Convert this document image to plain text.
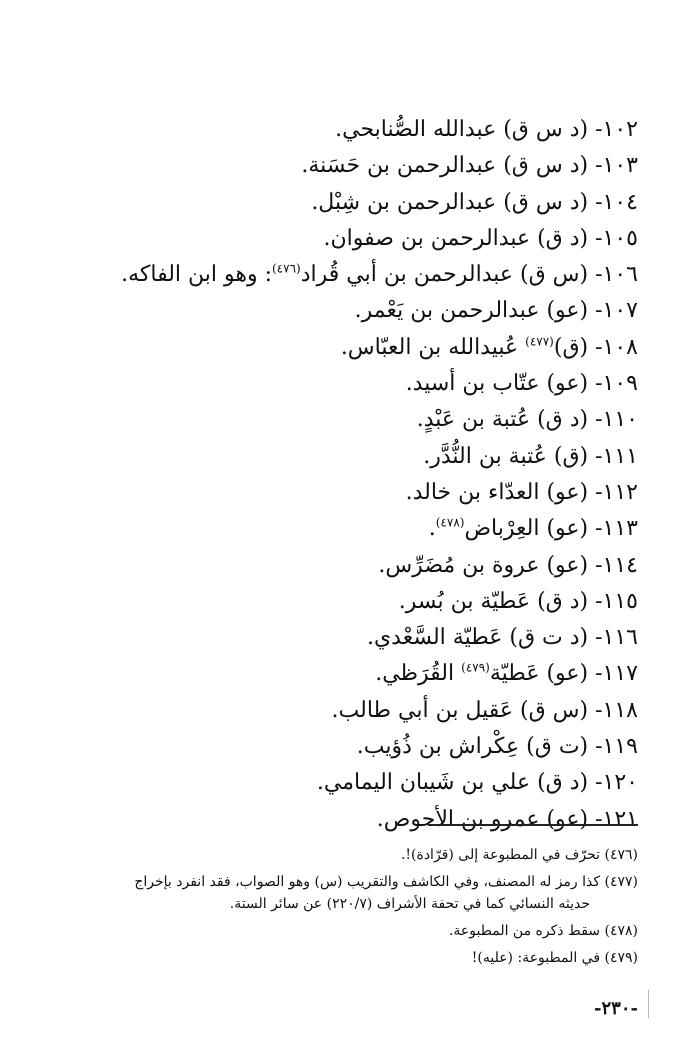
١٠٢- (د س ق) عبدالله الصُّنابحي.
١٠٣- (د س ق) عبدالرحمن بن حَسَنة.
١٠٤- (د س ق) عبدالرحمن بن شِبْل.
١٠٥- (د ق) عبدالرحمن بن صفوان.
١٠٦- (س ق) عبدالرحمن بن أبي قُراد$^{(٤٧٦)}$: وهو ابن الفاكه.
١٠٧- (عو) عبدالرحمن بن يَعْمر.
١٠٨- (ق)$^{(٤٧٧)}$ عُبيدالله بن العبّاس.
١٠٩- (عو) عتّاب بن أسيد.
١١٠- (د ق) عُتبة بن عَبْدٍ.
١١١- (ق) عُتبة بن النُّدَّر.
١١٢- (عو) العدّاء بن خالد.
١١٣- (عو) العِرْباض$^{(٤٧٨)}$.
١١٤- (عو) عروة بن مُضَرِّس.
١١٥- (د ق) عَطيّة بن بُسر.
١١٦- (د ت ق) عَطيّة السَّعْدي.
١١٧- (عو) عَطيّة$^{(٤٧٩)}$ القُرَظي.
١١٨- (س ق) عَقيل بن أبي طالب.
١١٩- (ت ق) عِكْراش بن ذُؤيب.
١٢٠- (د ق) علي بن شَيبان اليمامي.
١٢١- (عو) عمرو بن الأحوص.
(٤٧٦) تحرّف في المطبوعة إلى (قرّادة)!.
(٤٧٧) كذا رمز له المصنف، وفي الكاشف والتقريب (س) وهو الصواب، فقد انفرد بإخراج
حديثه النسائي كما في تحفة الأشراف (٢٢٠/٧) عن سائر الستة.
(٤٧٨) سقط ذكره من المطبوعة.
(٤٧٩) في المطبوعة: (عليه)!
-٢٣٠-
